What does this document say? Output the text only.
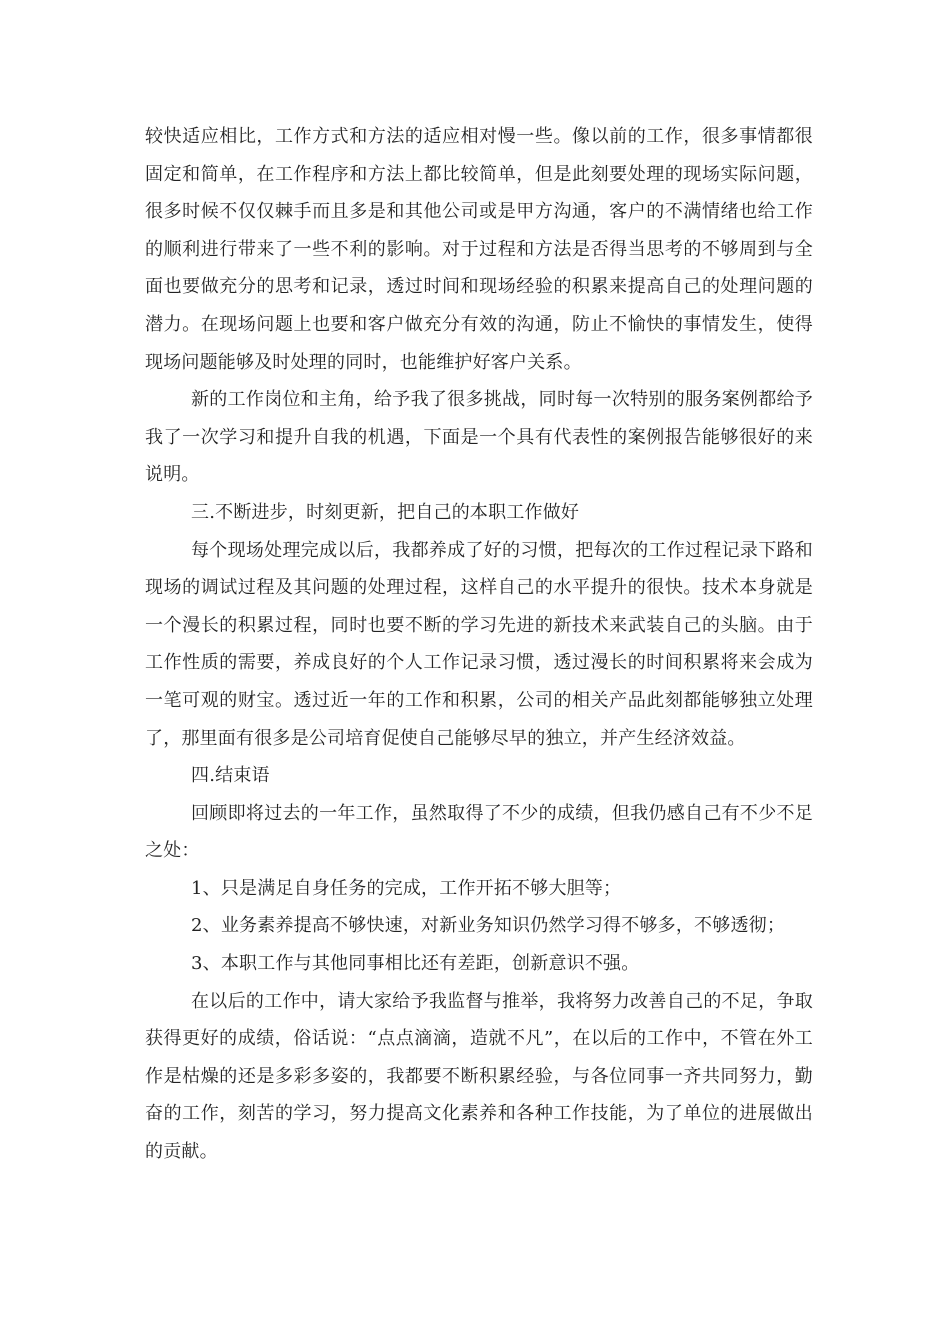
较快适应相比，工作方式和方法的适应相对慢一些。像以前的工作，很多事情都很固定和简单，在工作程序和方法上都比较简单，但是此刻要处理的现场实际问题，很多时候不仅仅棘手而且多是和其他公司或是甲方沟通，客户的不满情绪也给工作的顺利进行带来了一些不利的影响。对于过程和方法是否得当思考的不够周到与全面也要做充分的思考和记录，透过时间和现场经验的积累来提高自己的处理问题的潜力。在现场问题上也要和客户做充分有效的沟通，防止不愉快的事情发生，使得现场问题能够及时处理的同时，也能维护好客户关系。

新的工作岗位和主角，给予我了很多挑战，同时每一次特别的服务案例都给予我了一次学习和提升自我的机遇，下面是一个具有代表性的案例报告能够很好的来说明。

三.不断进步，时刻更新，把自己的本职工作做好

每个现场处理完成以后，我都养成了好的习惯，把每次的工作过程记录下路和现场的调试过程及其问题的处理过程，这样自己的水平提升的很快。技术本身就是一个漫长的积累过程，同时也要不断的学习先进的新技术来武装自己的头脑。由于工作性质的需要，养成良好的个人工作记录习惯，透过漫长的时间积累将来会成为一笔可观的财宝。透过近一年的工作和积累，公司的相关产品此刻都能够独立处理了，那里面有很多是公司培育促使自己能够尽早的独立，并产生经济效益。

四.结束语

回顾即将过去的一年工作，虽然取得了不少的成绩，但我仍感自己有不少不足之处：

1、只是满足自身任务的完成，工作开拓不够大胆等；

2、业务素养提高不够快速，对新业务知识仍然学习得不够多，不够透彻；

3、本职工作与其他同事相比还有差距，创新意识不强。

在以后的工作中，请大家给予我监督与推举，我将努力改善自己的不足，争取获得更好的成绩，俗话说：“点点滴滴，造就不凡”，在以后的工作中，不管在外工作是枯燥的还是多彩多姿的，我都要不断积累经验，与各位同事一齐共同努力，勤奋的工作，刻苦的学习，努力提高文化素养和各种工作技能，为了单位的进展做出的贡献。
